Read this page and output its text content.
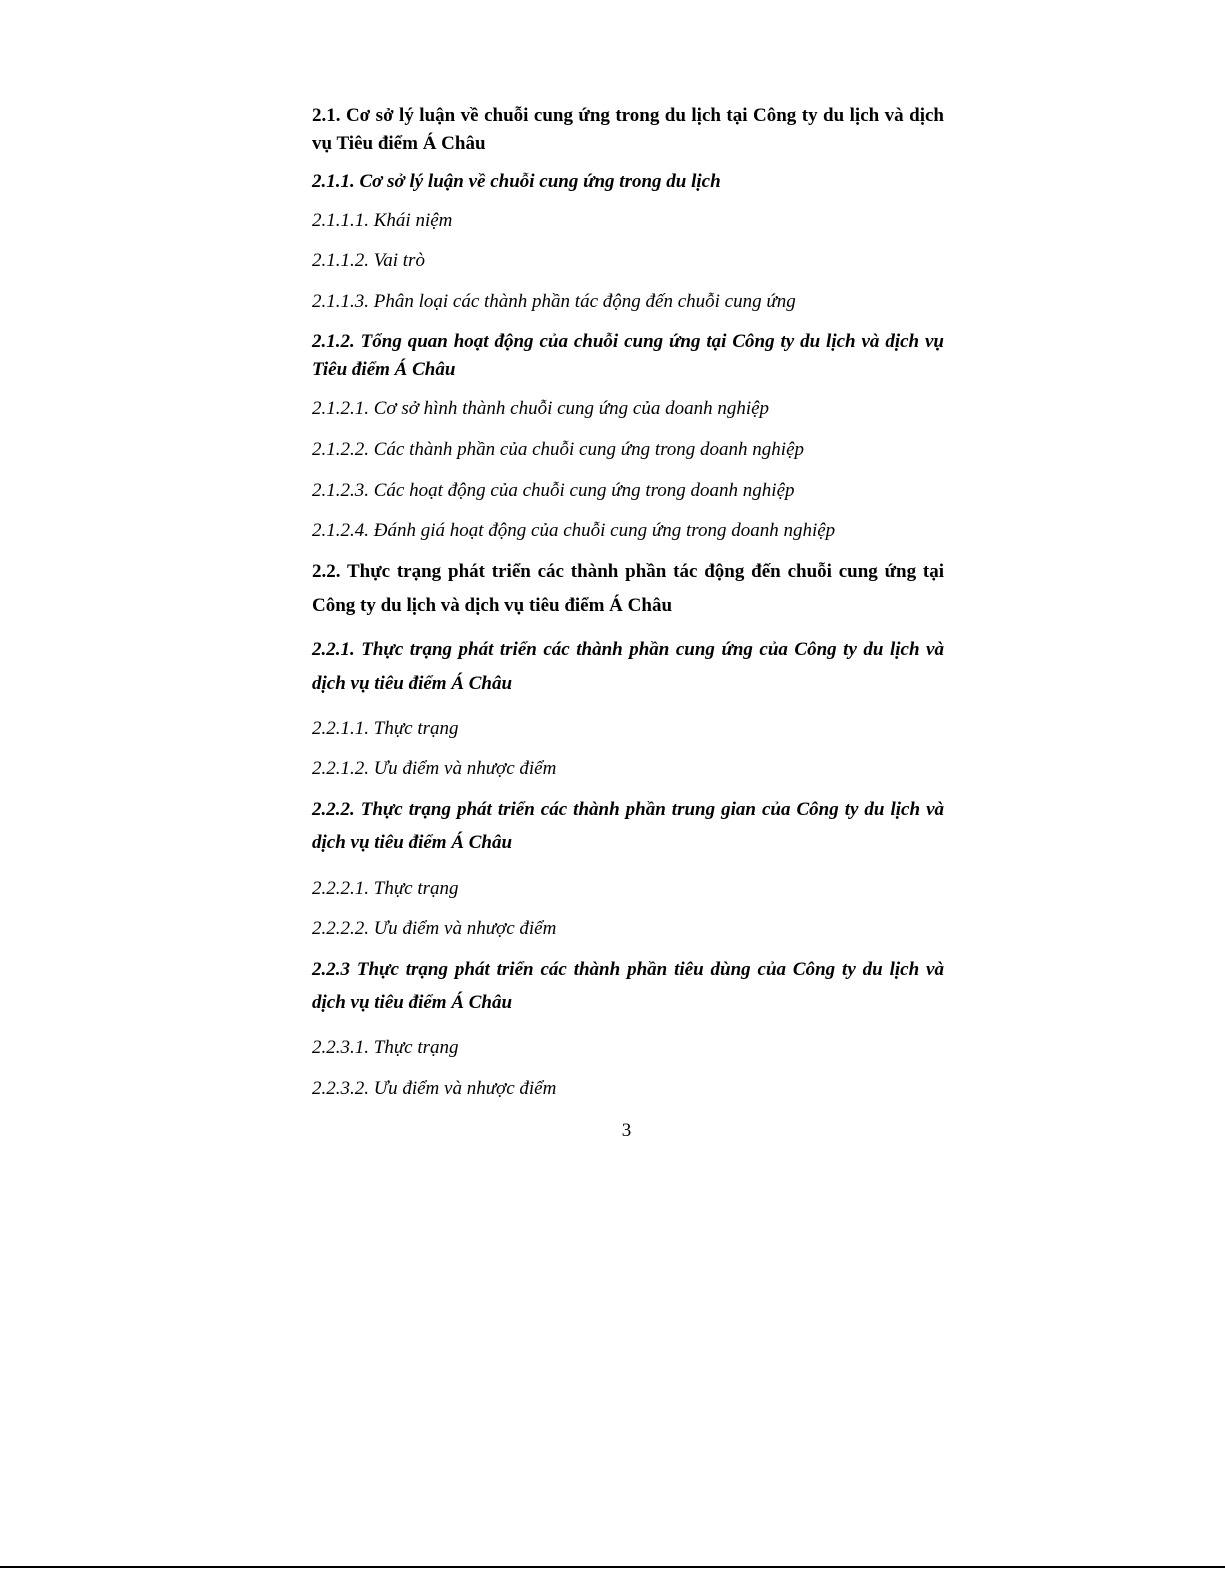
2.1. Cơ sở lý luận về chuỗi cung ứng trong du lịch tại Công ty du lịch và dịch
vụ Tiêu điểm Á Châu
2.1.1. Cơ sở lý luận về chuỗi cung ứng trong du lịch
2.1.1.1. Khái niệm
2.1.1.2. Vai trò
2.1.1.3. Phân loại các thành phần tác động đến chuỗi cung ứng
2.1.2. Tổng quan hoạt động của chuỗi cung ứng tại Công ty du lịch và dịch vụ
Tiêu điểm Á Châu
2.1.2.1. Cơ sở hình thành chuỗi cung ứng của doanh nghiệp
2.1.2.2. Các thành phần của chuỗi cung ứng trong doanh nghiệp
2.1.2.3. Các hoạt động của chuỗi cung ứng trong doanh nghiệp
2.1.2.4. Đánh giá hoạt động của chuỗi cung ứng trong doanh nghiệp
2.2. Thực trạng phát triển các thành phần tác động đến chuỗi cung ứng tại
Công ty du lịch và dịch vụ tiêu điểm Á Châu
2.2.1. Thực trạng phát triển các thành phần cung ứng của Công ty du lịch và
dịch vụ tiêu điểm Á Châu
2.2.1.1. Thực trạng
2.2.1.2. Ưu điểm và nhược điểm
2.2.2. Thực trạng phát triển các thành phần trung gian của Công ty du lịch và
dịch vụ tiêu điểm Á Châu
2.2.2.1. Thực trạng
2.2.2.2. Ưu điểm và nhược điểm
2.2.3 Thực trạng phát triển các thành phần tiêu dùng của Công ty du lịch và
dịch vụ tiêu điểm Á Châu
2.2.3.1. Thực trạng
2.2.3.2. Ưu điểm và nhược điểm
3
